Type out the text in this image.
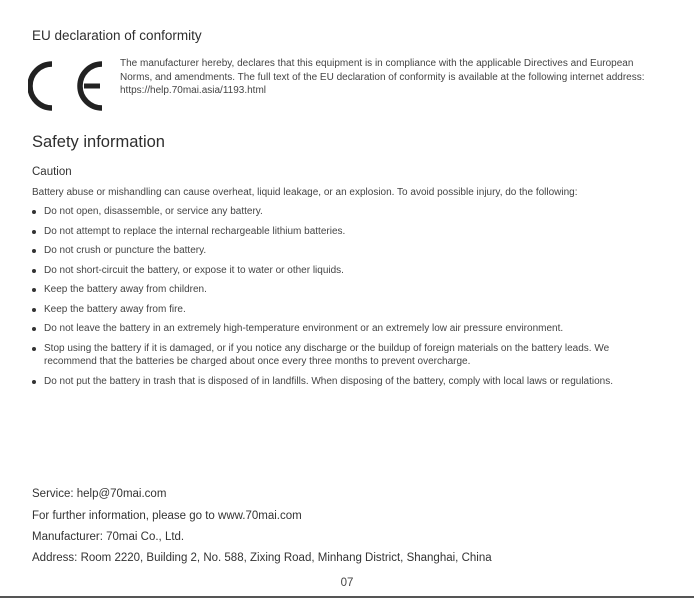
EU declaration of conformity
The manufacturer hereby, declares that this equipment is in compliance with the applicable Directives and European Norms, and amendments. The full text of the EU declaration of conformity is available at the following internet address: https://help.70mai.asia/1193.html
Safety information
Caution
Battery abuse or mishandling can cause overheat, liquid leakage, or an explosion. To avoid possible injury, do the following:
Do not open, disassemble, or service any battery.
Do not attempt to replace the internal rechargeable lithium batteries.
Do not crush or puncture the battery.
Do not short-circuit the battery, or expose it to water or other liquids.
Keep the battery away from children.
Keep the battery away from fire.
Do not leave the battery in an extremely high-temperature environment or an extremely low air pressure environment.
Stop using the battery if it is damaged, or if you notice any discharge or the buildup of foreign materials on the battery leads. We recommend that the batteries be charged about once every three months to prevent overcharge.
Do not put the battery in trash that is disposed of in landfills. When disposing of the battery, comply with local laws or regulations.
Service: help@70mai.com
For further information, please go to www.70mai.com
Manufacturer: 70mai Co., Ltd.
Address: Room 2220, Building 2, No. 588, Zixing Road, Minhang District, Shanghai, China
07
